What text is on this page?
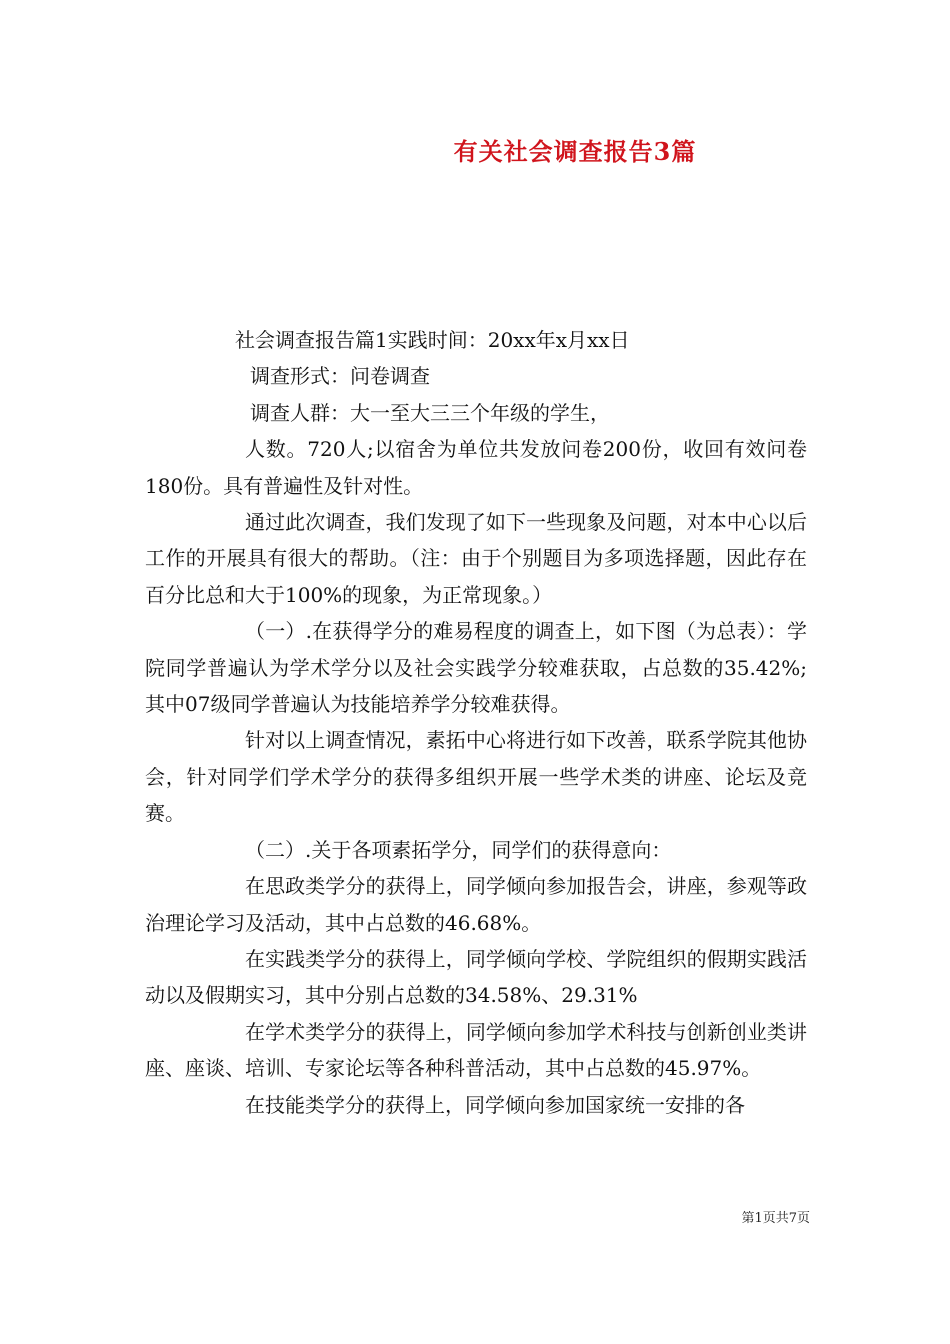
有关社会调查报告3篇

社会调查报告篇1实践时间：20xx年x月xx日

调查形式：问卷调查

调查人群：大一至大三三个年级的学生，

人数。720人;以宿舍为单位共发放问卷200份，收回有效问卷180份。具有普遍性及针对性。

通过此次调查，我们发现了如下一些现象及问题，对本中心以后工作的开展具有很大的帮助。（注：由于个别题目为多项选择题，因此存在百分比总和大于100%的现象，为正常现象。）

（一）.在获得学分的难易程度的调查上，如下图（为总表）：学院同学普遍认为学术学分以及社会实践学分较难获取，占总数的35.42%;其中07级同学普遍认为技能培养学分较难获得。

针对以上调查情况，素拓中心将进行如下改善，联系学院其他协会，针对同学们学术学分的获得多组织开展一些学术类的讲座、论坛及竞赛。

（二）.关于各项素拓学分，同学们的获得意向：

在思政类学分的获得上，同学倾向参加报告会，讲座，参观等政治理论学习及活动，其中占总数的46.68%。

在实践类学分的获得上，同学倾向学校、学院组织的假期实践活动以及假期实习，其中分别占总数的34.58%、29.31%

在学术类学分的获得上，同学倾向参加学术科技与创新创业类讲座、座谈、培训、专家论坛等各种科普活动，其中占总数的45.97%。

在技能类学分的获得上，同学倾向参加国家统一安排的各

第1页共7页
